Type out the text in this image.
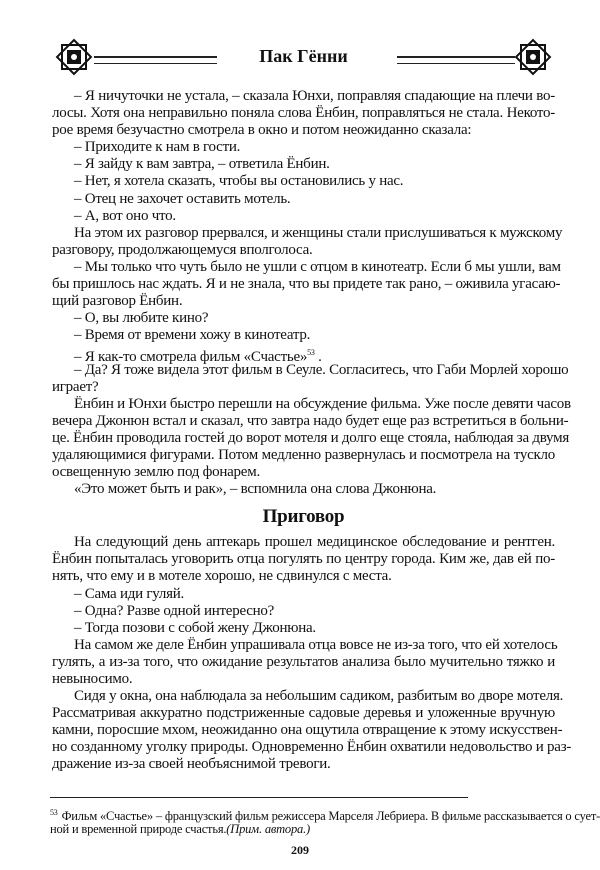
Пак Гённи
– Я ничуточки не устала, – сказала Юнхи, поправляя спадающие на плечи во-
лосы. Хотя она неправильно поняла слова Ёнбин, поправляться не стала. Некото-
рое время безучастно смотрела в окно и потом неожиданно сказала:
– Приходите к нам в гости.
– Я зайду к вам завтра, – ответила Ёнбин.
– Нет, я хотела сказать, чтобы вы остановились у нас.
– Отец не захочет оставить мотель.
– А, вот оно что.
На этом их разговор прервался, и женщины стали прислушиваться к мужскому
разговору, продолжающемуся вполголоса.
– Мы только что чуть было не ушли с отцом в кинотеатр. Если б мы ушли, вам
бы пришлось нас ждать. Я и не знала, что вы придете так рано, – оживила угасаю-
щий разговор Ёнбин.
– О, вы любите кино?
– Время от времени хожу в кинотеатр.
– Я как-то смотрела фильм «Счастье»$^{53}$ .
– Да? Я тоже видела этот фильм в Сеуле. Согласитесь, что Габи Морлей хорошо
играет?
Ёнбин и Юнхи быстро перешли на обсуждение фильма. Уже после девяти часов
вечера Джонюн встал и сказал, что завтра надо будет еще раз встретиться в больни-
це. Ёнбин проводила гостей до ворот мотеля и долго еще стояла, наблюдая за двумя
удаляющимися фигурами. Потом медленно развернулась и посмотрела на тускло
освещенную землю под фонарем.
«Это может быть и рак», – вспомнила она слова Джонюна.
Приговор
На следующий день аптекарь прошел медицинское обследование и рентген.
Ёнбин попыталась уговорить отца погулять по центру города. Ким же, дав ей по-
нять, что ему и в мотеле хорошо, не сдвинулся с места.
– Сама иди гуляй.
– Одна? Разве одной интересно?
– Тогда позови с собой жену Джонюна.
На самом же деле Ёнбин упрашивала отца вовсе не из-за того, что ей хотелось
гулять, а из-за того, что ожидание результатов анализа было мучительно тяжко и
невыносимо.
Сидя у окна, она наблюдала за небольшим садиком, разбитым во дворе мотеля.
Рассматривая аккуратно подстриженные садовые деревья и уложенные вручную
камни, поросшие мхом, неожиданно она ощутила отвращение к этому искусствен-
но созданному уголку природы. Одновременно Ёнбин охватили недовольство и раз-
дражение из-за своей необъяснимой тревоги.
$^{53}$ Фильм «Счастье» – французский фильм режиссера Марселя Лебриера. В фильме рассказывается о сует-
ной и временной природе счастья.(Прим. автора.)
209
